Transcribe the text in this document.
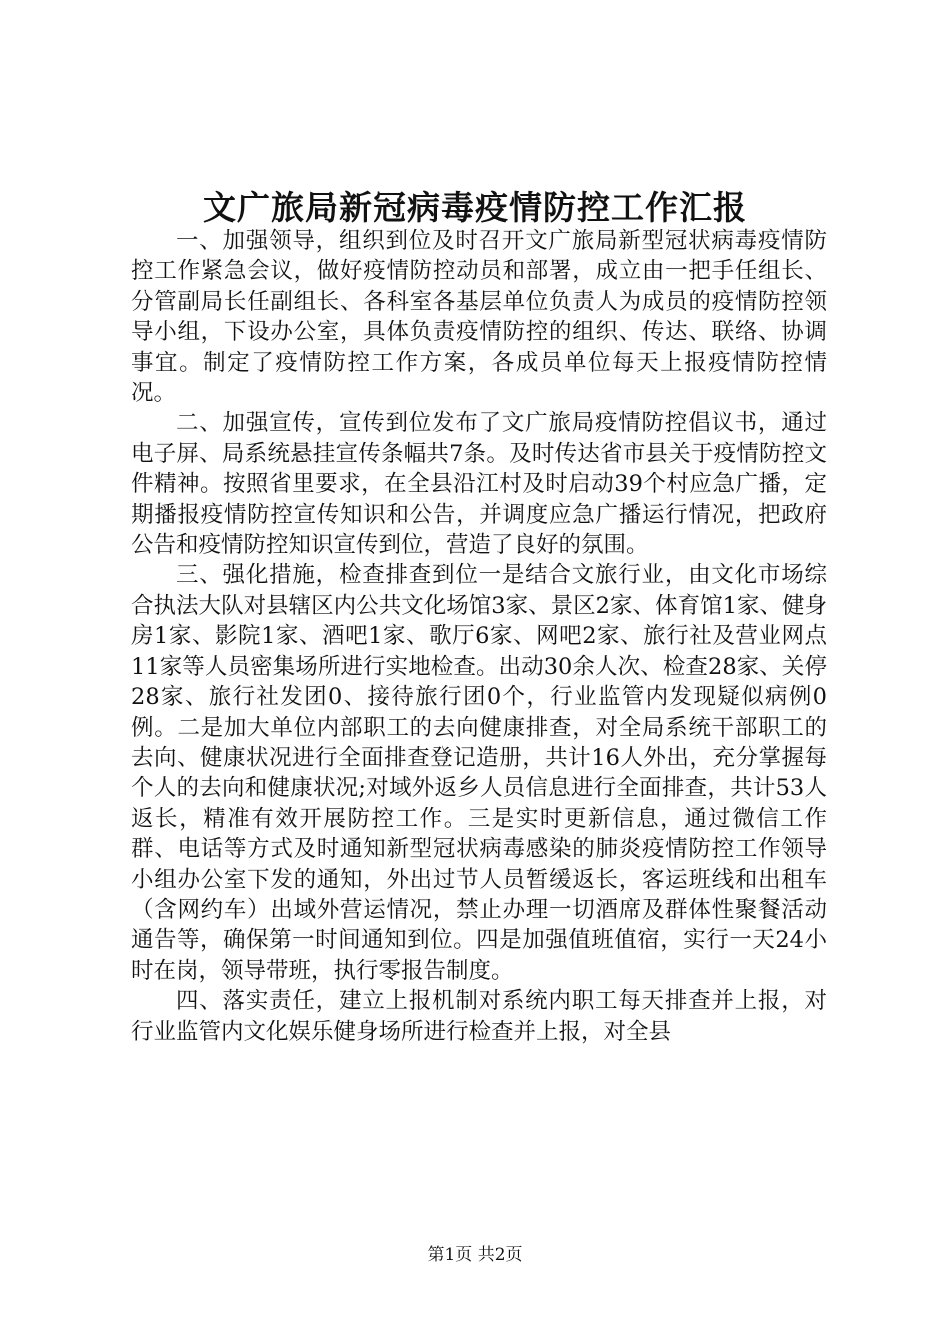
文广旅局新冠病毒疫情防控工作汇报

一、加强领导，组织到位及时召开文广旅局新型冠状病毒疫情防控工作紧急会议，做好疫情防控动员和部署，成立由一把手任组长、分管副局长任副组长、各科室各基层单位负责人为成员的疫情防控领导小组，下设办公室，具体负责疫情防控的组织、传达、联络、协调事宜。制定了疫情防控工作方案，各成员单位每天上报疫情防控情况。

二、加强宣传，宣传到位发布了文广旅局疫情防控倡议书，通过电子屏、局系统悬挂宣传条幅共7条。及时传达省市县关于疫情防控文件精神。按照省里要求，在全县沿江村及时启动39个村应急广播，定期播报疫情防控宣传知识和公告，并调度应急广播运行情况，把政府公告和疫情防控知识宣传到位，营造了良好的氛围。

三、强化措施，检查排查到位一是结合文旅行业，由文化市场综合执法大队对县辖区内公共文化场馆3家、景区2家、体育馆1家、健身房1家、影院1家、酒吧1家、歌厅6家、网吧2家、旅行社及营业网点11家等人员密集场所进行实地检查。出动30余人次、检查28家、关停28家、旅行社发团0、接待旅行团0个，行业监管内发现疑似病例0例。二是加大单位内部职工的去向健康排查，对全局系统干部职工的去向、健康状况进行全面排查登记造册，共计16人外出，充分掌握每个人的去向和健康状况;对域外返乡人员信息进行全面排查，共计53人返长，精准有效开展防控工作。三是实时更新信息，通过微信工作群、电话等方式及时通知新型冠状病毒感染的肺炎疫情防控工作领导小组办公室下发的通知，外出过节人员暂缓返长，客运班线和出租车（含网约车）出域外营运情况，禁止办理一切酒席及群体性聚餐活动通告等，确保第一时间通知到位。四是加强值班值宿，实行一天24小时在岗，领导带班，执行零报告制度。

四、落实责任，建立上报机制对系统内职工每天排查并上报，对行业监管内文化娱乐健身场所进行检查并上报，对全县

第1页 共2页
